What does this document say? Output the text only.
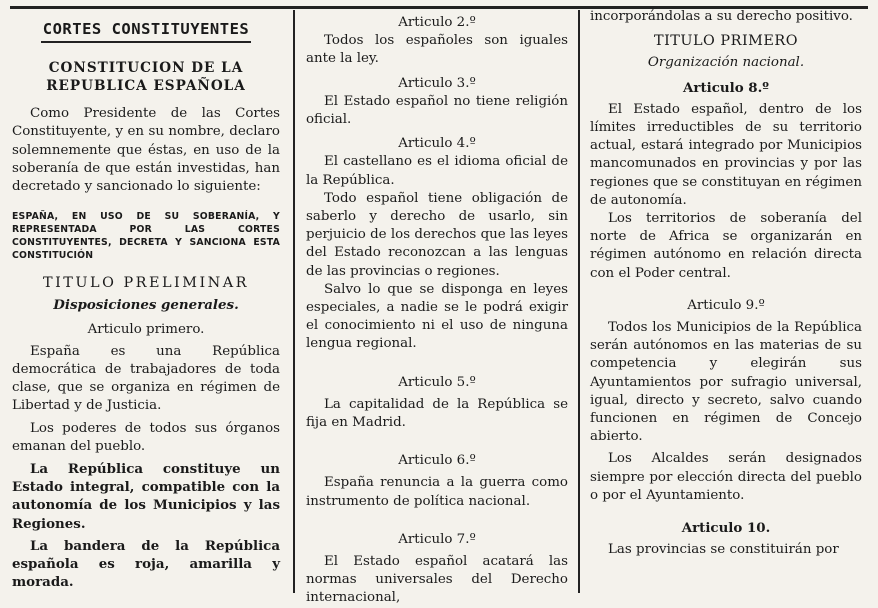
CORTES CONSTITUYENTES
CONSTITUCION DE LA REPUBLICA ESPAÑOLA

Como Presidente de las Cortes Constituyente, y en su nombre, declaro solemnemente que éstas, en uso de la soberanía de que están investidas, han decretado y sancionado lo siguiente:

ESPAÑA, EN USO DE SU SOBERANÍA, Y REPRESENTADA POR LAS CORTES CONSTITUYENTES, DECRETA Y SANCIONA ESTA CONSTITUCIÓN

TITULO PRELIMINAR
Disposiciones generales.
Articulo primero.

España es una República democrática de trabajadores de toda clase, que se organiza en régimen de Libertad y de Justicia.

Los poderes de todos sus órganos emanan del pueblo.

La República constituye un Estado integral, compatible con la autonomía de los Municipios y las Regiones.

La bandera de la República española es roja, amarilla y morada.

Articulo 2.º

Todos los españoles son iguales ante la ley.

Articulo 3.º

El Estado español no tiene religión oficial.

Articulo 4.º

El castellano es el idioma oficial de la República.

Todo español tiene obligación de saberlo y derecho de usarlo, sin perjuicio de los derechos que las leyes del Estado reconozcan a las lenguas de las provincias o regiones.

Salvo lo que se disponga en leyes especiales, a nadie se le podrá exigir el conocimiento ni el uso de ninguna lengua regional.

Articulo 5.º

La capitalidad de la República se fija en Madrid.

Articulo 6.º

España renuncia a la guerra como instrumento de política nacional.

Articulo 7.º

El Estado español acatará las normas universales del Derecho internacional,

incorporándolas a su derecho positivo.

TITULO PRIMERO
Organización nacional.
Articulo 8.º

El Estado español, dentro de los límites irreductibles de su territorio actual, estará integrado por Municipios mancomunados en provincias y por las regiones que se constituyan en régimen de autonomía.

Los territorios de soberanía del norte de Africa se organizarán en régimen autónomo en relación directa con el Poder central.

Articulo 9.º

Todos los Municipios de la República serán autónomos en las materias de su competencia y elegirán sus Ayuntamientos por sufragio universal, igual, directo y secreto, salvo cuando funcionen en régimen de Concejo abierto.

Los Alcaldes serán designados siempre por elección directa del pueblo o por el Ayuntamiento.

Articulo 10.

Las provincias se constituirán por
